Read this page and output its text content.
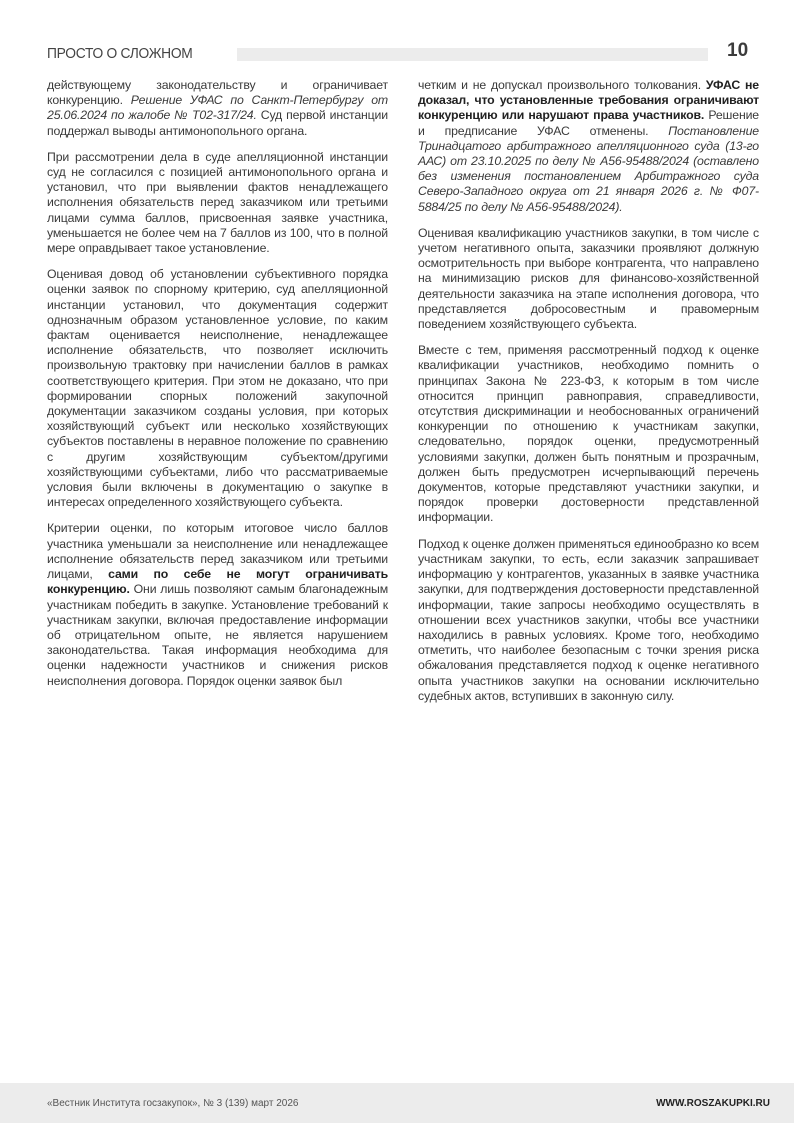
ПРОСТО О СЛОЖНОМ	10

действующему законодательству и ограничивает конкуренцию. Решение УФАС по Санкт-Петербургу от 25.06.2024 по жалобе № Т02-317/24. Суд первой инстанции поддержал выводы антимонопольного органа.

При рассмотрении дела в суде апелляционной инстанции суд не согласился с позицией антимонопольного органа и установил, что при выявлении фактов ненадлежащего исполнения обязательств перед заказчиком или третьими лицами сумма баллов, присвоенная заявке участника, уменьшается не более чем на 7 баллов из 100, что в полной мере оправдывает такое установление.

Оценивая довод об установлении субъективного порядка оценки заявок по спорному критерию, суд апелляционной инстанции установил, что документация содержит однозначным образом установленное условие, по каким фактам оценивается неисполнение, ненадлежащее исполнение обязательств, что позволяет исключить произвольную трактовку при начислении баллов в рамках соответствующего критерия. При этом не доказано, что при формировании спорных положений закупочной документации заказчиком созданы условия, при которых хозяйствующий субъект или несколько хозяйствующих субъектов поставлены в неравное положение по сравнению с другим хозяйствующим субъектом/другими хозяйствующими субъектами, либо что рассматриваемые условия были включены в документацию о закупке в интересах определенного хозяйствующего субъекта.

Критерии оценки, по которым итоговое число баллов участника уменьшали за неисполнение или ненадлежащее исполнение обязательств перед заказчиком или третьими лицами, сами по себе не могут ограничивать конкуренцию. Они лишь позволяют самым благонадежным участникам победить в закупке. Установление требований к участникам закупки, включая предоставление информации об отрицательном опыте, не является нарушением законодательства. Такая информация необходима для оценки надежности участников и снижения рисков неисполнения договора. Порядок оценки заявок был

четким и не допускал произвольного толкования. УФАС не доказал, что установленные требования ограничивают конкуренцию или нарушают права участников. Решение и предписание УФАС отменены. Постановление Тринадцатого арбитражного апелляционного суда (13-го ААС) от 23.10.2025 по делу № А56-95488/2024 (оставлено без изменения постановлением Арбитражного суда Северо-Западного округа от 21 января 2026 г. № Ф07-5884/25 по делу № А56-95488/2024).

Оценивая квалификацию участников закупки, в том числе с учетом негативного опыта, заказчики проявляют должную осмотрительность при выборе контрагента, что направлено на минимизацию рисков для финансово-хозяйственной деятельности заказчика на этапе исполнения договора, что представляется добросовестным и правомерным поведением хозяйствующего субъекта.

Вместе с тем, применяя рассмотренный подход к оценке квалификации участников, необходимо помнить о принципах Закона № 223-ФЗ, к которым в том числе относится принцип равноправия, справедливости, отсутствия дискриминации и необоснованных ограничений конкуренции по отношению к участникам закупки, следовательно, порядок оценки, предусмотренный условиями закупки, должен быть понятным и прозрачным, должен быть предусмотрен исчерпывающий перечень документов, которые представляют участники закупки, и порядок проверки достоверности представленной информации.

Подход к оценке должен применяться единообразно ко всем участникам закупки, то есть, если заказчик запрашивает информацию у контрагентов, указанных в заявке участника закупки, для подтверждения достоверности представленной информации, такие запросы необходимо осуществлять в отношении всех участников закупки, чтобы все участники находились в равных условиях. Кроме того, необходимо отметить, что наиболее безопасным с точки зрения риска обжалования представляется подход к оценке негативного опыта участников закупки на основании исключительно судебных актов, вступивших в законную силу.

«Вестник Института госзакупок», № 3 (139) март 2026	WWW.ROSZAKUPKI.RU
